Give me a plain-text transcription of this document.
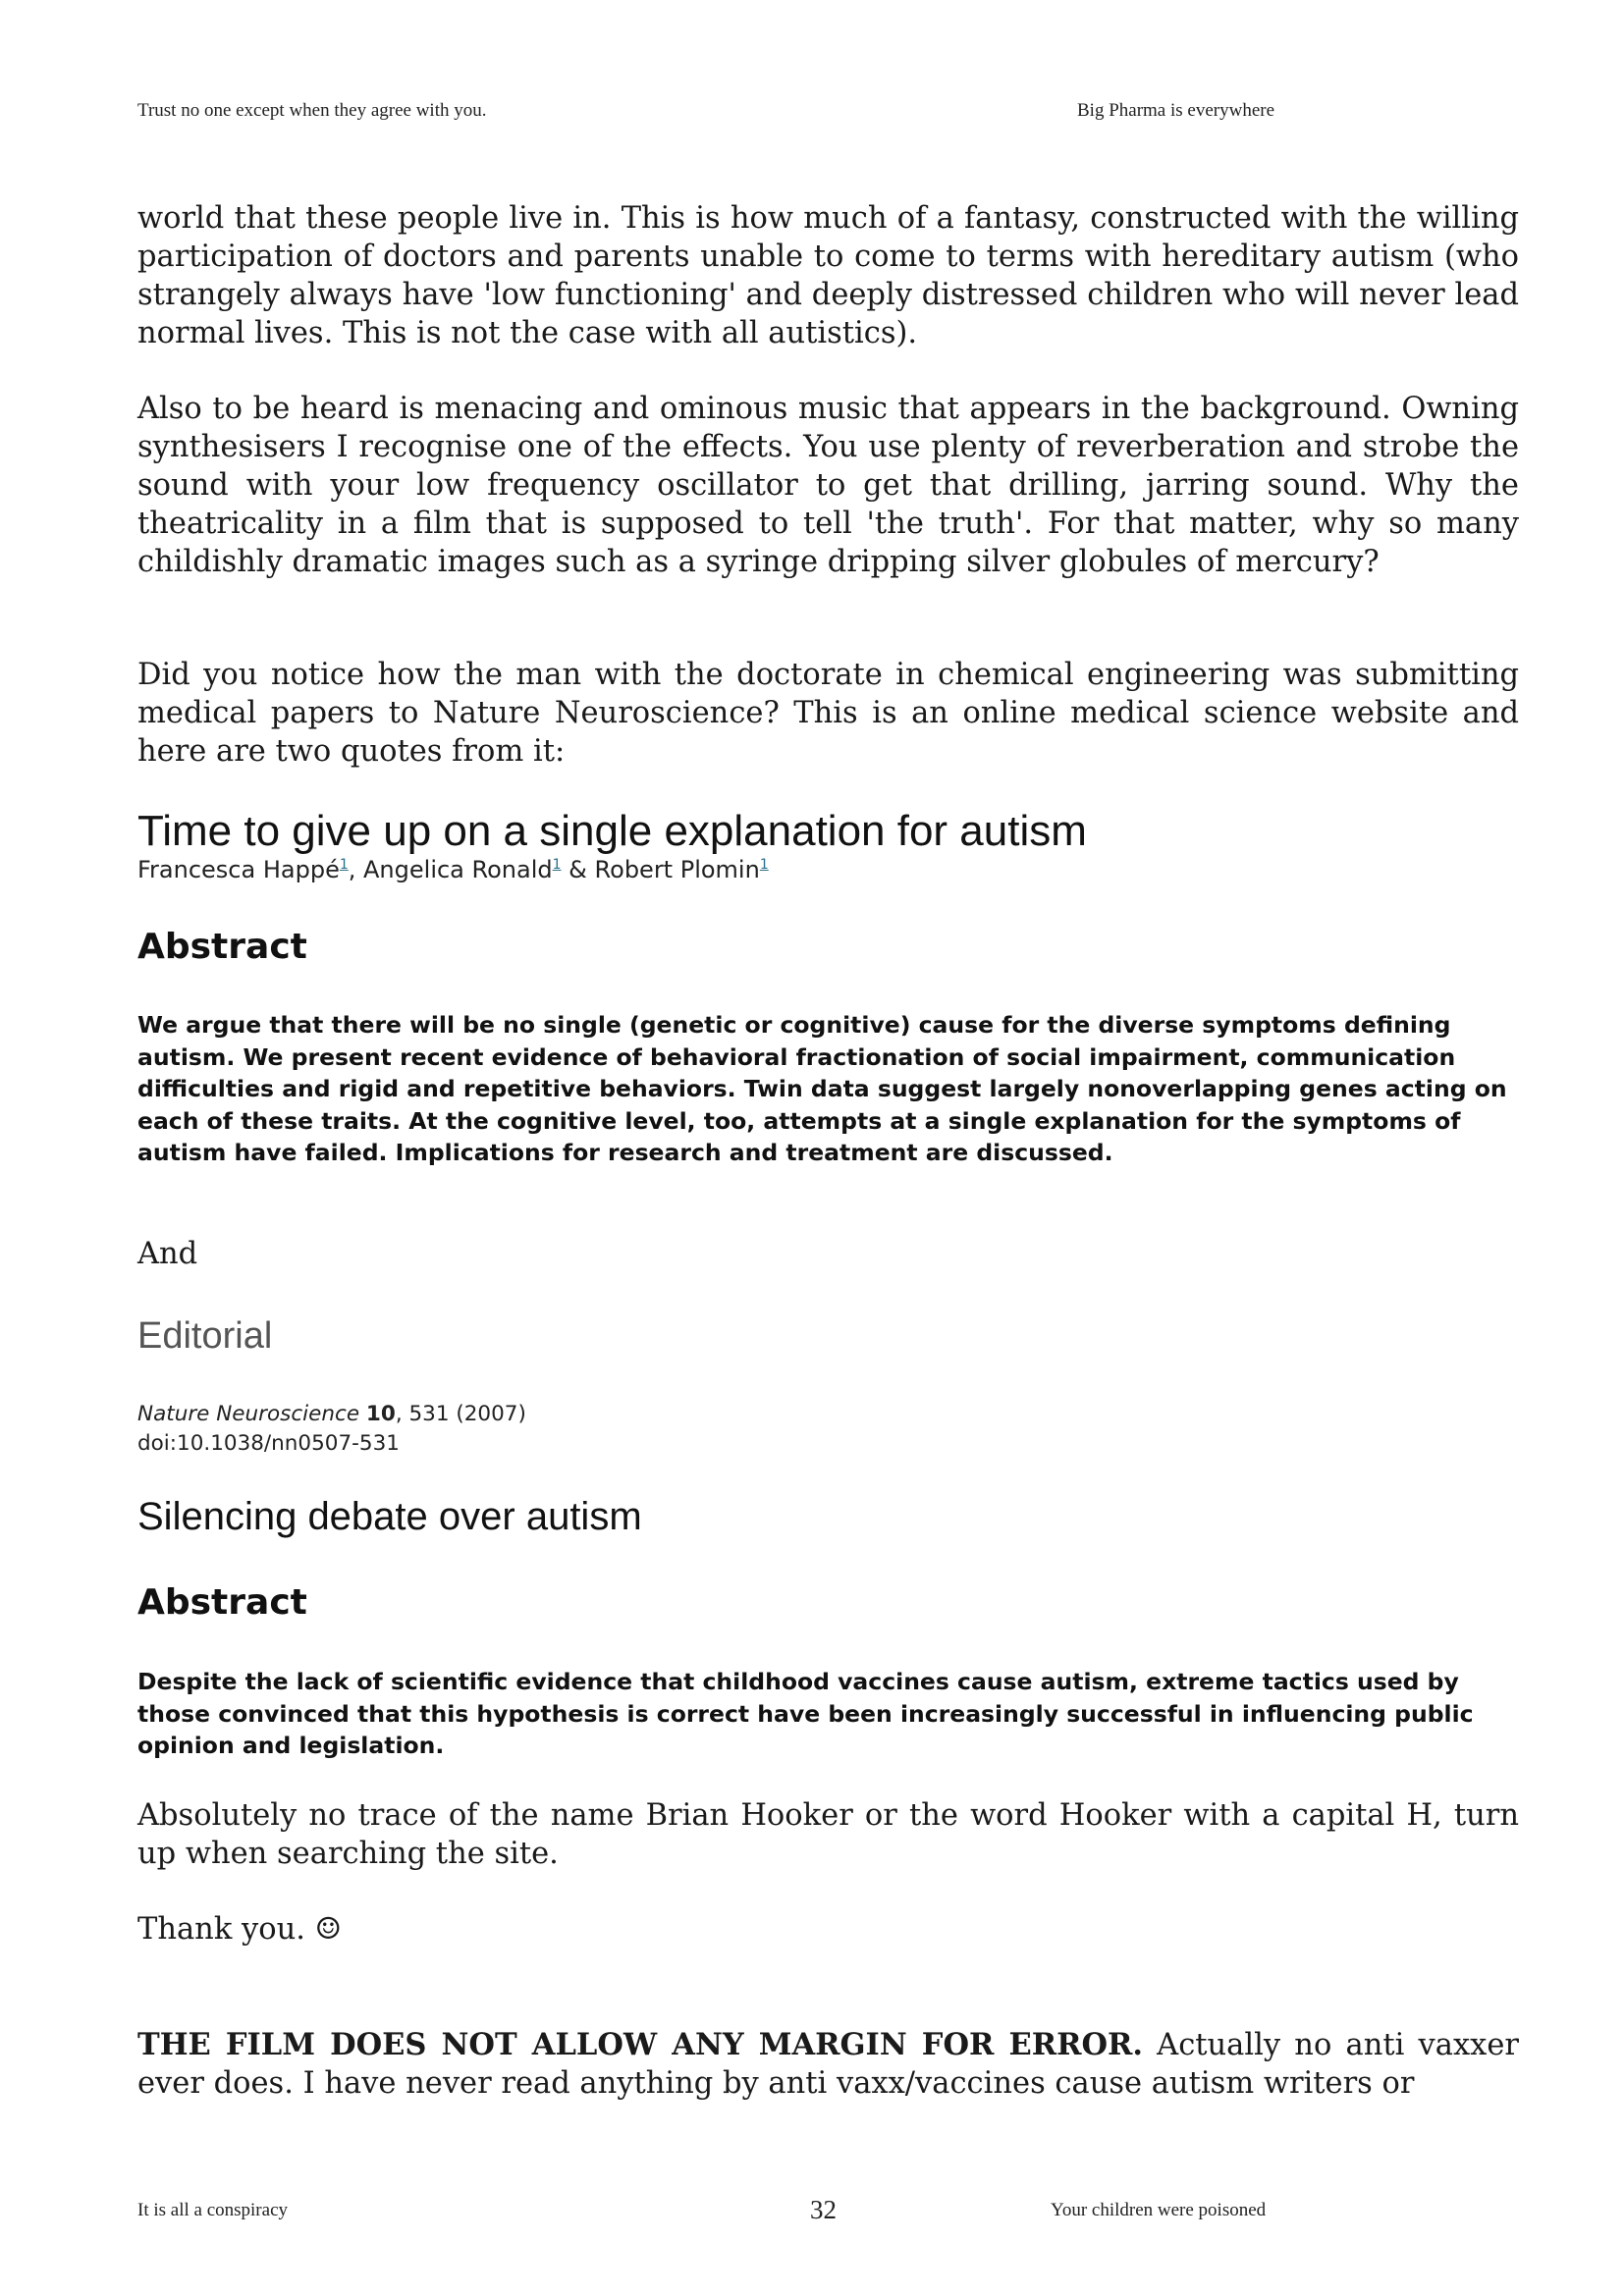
Trust no one except when they agree with you.	Big Pharma is everywhere

world that these people live in. This is how much of a fantasy, constructed with the willing participation of doctors and parents unable to come to terms with hereditary autism (who strangely always have 'low functioning' and deeply distressed children who will never lead normal lives. This is not the case with all autistics).

Also to be heard is menacing and ominous music that appears in the background. Owning synthesisers I recognise one of the effects. You use plenty of reverberation and strobe the sound with your low frequency oscillator to get that drilling, jarring sound. Why the theatricality in a film that is supposed to tell 'the truth'. For that matter, why so many childishly dramatic images such as a syringe dripping silver globules of mercury?

Did you notice how the man with the doctorate in chemical engineering was submitting medical papers to Nature Neuroscience? This is an online medical science website and here are two quotes from it:

Time to give up on a single explanation for autism
Francesca Happé$^1$, Angelica Ronald$^1$ & Robert Plomin$^1$
Abstract

We argue that there will be no single (genetic or cognitive) cause for the diverse symptoms defining autism. We present recent evidence of behavioral fractionation of social impairment, communication difficulties and rigid and repetitive behaviors. Twin data suggest largely nonoverlapping genes acting on each of these traits. At the cognitive level, too, attempts at a single explanation for the symptoms of autism have failed. Implications for research and treatment are discussed.

And
Editorial
Nature Neuroscience 10, 531 (2007)
doi:10.1038/nn0507-531
Silencing debate over autism
Abstract

Despite the lack of scientific evidence that childhood vaccines cause autism, extreme tactics used by those convinced that this hypothesis is correct have been increasingly successful in influencing public opinion and legislation.

Absolutely no trace of the name Brian Hooker or the word Hooker with a capital H, turn up when searching the site.

Thank you. ☺

THE FILM DOES NOT ALLOW ANY MARGIN FOR ERROR. Actually no anti vaxxer ever does. I have never read anything by anti vaxx/vaccines cause autism writers or

It is all a conspiracy	32	Your children were poisoned
